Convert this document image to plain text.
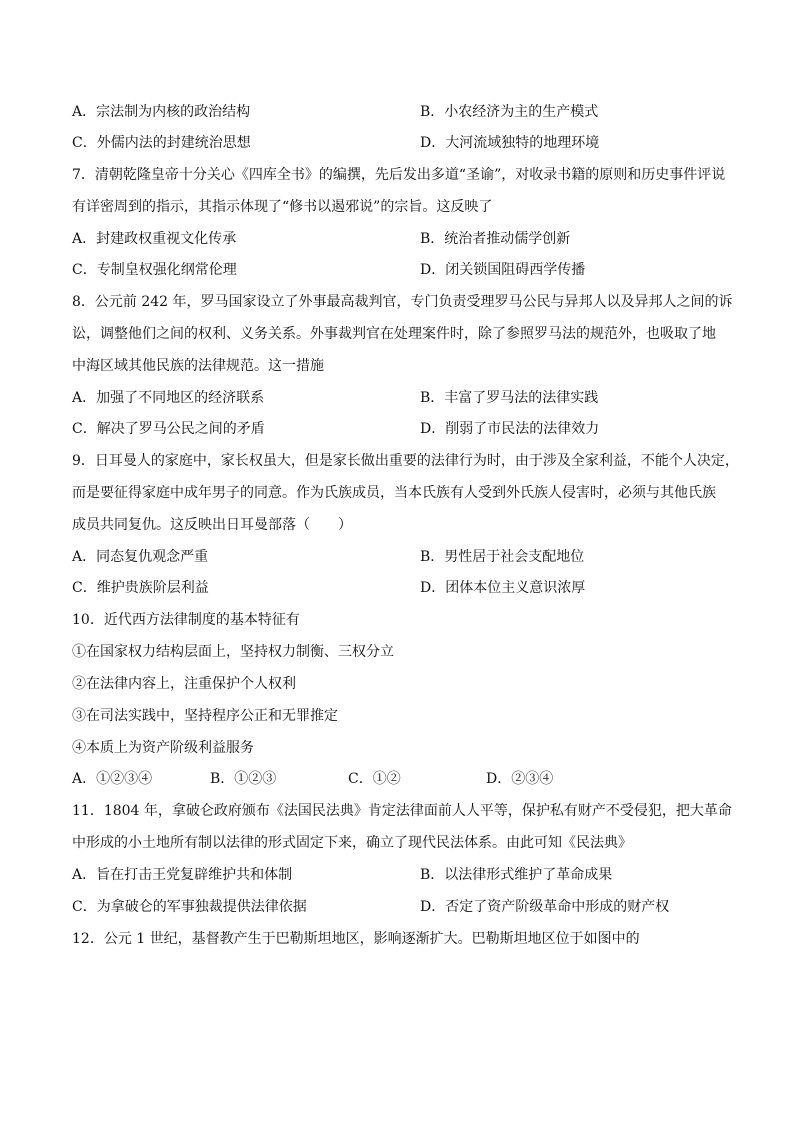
A．宗法制为内核的政治结构	B．小农经济为主的生产模式
C．外儒内法的封建统治思想	D．大河流域独特的地理环境
7．清朝乾隆皇帝十分关心《四库全书》的编撰，先后发出多道“圣谕”，对收录书籍的原则和历史事件评说
有详密周到的指示，其指示体现了“修书以遏邪说”的宗旨。这反映了
A．封建政权重视文化传承	B．统治者推动儒学创新
C．专制皇权强化纲常伦理	D．闭关锁国阻碍西学传播
8．公元前 242 年，罗马国家设立了外事最高裁判官，专门负责受理罗马公民与异邦人以及异邦人之间的诉
讼，调整他们之间的权利、义务关系。外事裁判官在处理案件时，除了参照罗马法的规范外，也吸取了地
中海区域其他民族的法律规范。这一措施
A．加强了不同地区的经济联系	B．丰富了罗马法的法律实践
C．解决了罗马公民之间的矛盾	D．削弱了市民法的法律效力
9．日耳曼人的家庭中，家长权虽大，但是家长做出重要的法律行为时，由于涉及全家利益，不能个人决定，
而是要征得家庭中成年男子的同意。作为氏族成员，当本氏族有人受到外氏族人侵害时，必须与其他氏族
成员共同复仇。这反映出日耳曼部落（　　）
A．同态复仇观念严重	B．男性居于社会支配地位
C．维护贵族阶层利益	D．团体本位主义意识浓厚
10．近代西方法律制度的基本特征有
①在国家权力结构层面上，坚持权力制衡、三权分立
②在法律内容上，注重保护个人权利
③在司法实践中，坚持程序公正和无罪推定
④本质上为资产阶级利益服务
A．①②③④	B．①②③	C．①②	D．②③④
11．1804 年，拿破仑政府颁布《法国民法典》肯定法律面前人人平等，保护私有财产不受侵犯，把大革命
中形成的小土地所有制以法律的形式固定下来，确立了现代民法体系。由此可知《民法典》
A．旨在打击王党复辟维护共和体制	B．以法律形式维护了革命成果
C．为拿破仑的军事独裁提供法律依据	D．否定了资产阶级革命中形成的财产权
12．公元 1 世纪，基督教产生于巴勒斯坦地区，影响逐渐扩大。巴勒斯坦地区位于如图中的
